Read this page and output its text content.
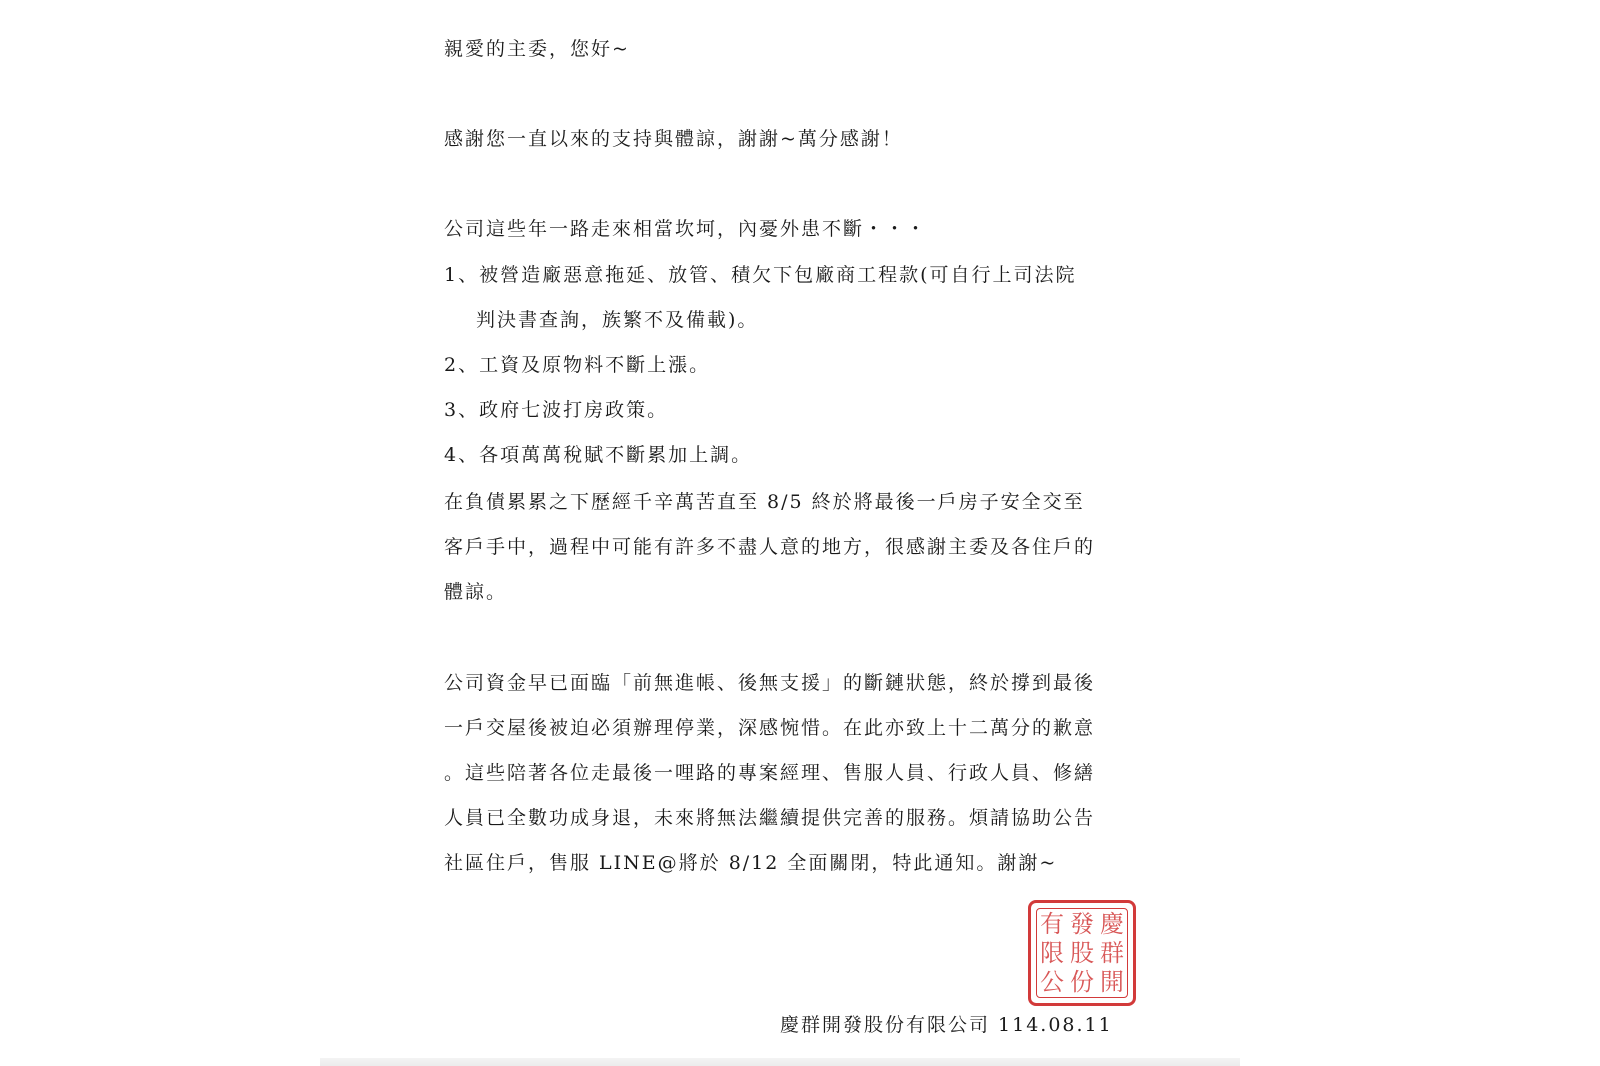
親愛的主委，您好~
感謝您一直以來的支持與體諒，謝謝~萬分感謝！
公司這些年一路走來相當坎坷，內憂外患不斷・・・
1、被營造廠惡意拖延、放管、積欠下包廠商工程款(可自行上司法院
判決書查詢，族繁不及備載)。
2、工資及原物料不斷上漲。
3、政府七波打房政策。
4、各項萬萬稅賦不斷累加上調。
在負債累累之下歷經千辛萬苦直至 8/5 終於將最後一戶房子安全交至
客戶手中，過程中可能有許多不盡人意的地方，很感謝主委及各住戶的
體諒。
公司資金早已面臨「前無進帳、後無支援」的斷鏈狀態，終於撐到最後
一戶交屋後被迫必須辦理停業，深感惋惜。在此亦致上十二萬分的歉意
。這些陪著各位走最後一哩路的專案經理、售服人員、行政人員、修繕
人員已全數功成身退，未來將無法繼續提供完善的服務。煩請協助公告
社區住戶，售服 LINE@將於 8/12 全面關閉，特此通知。謝謝~
慶
群
開
發
股
份
有
限
公
慶群開發股份有限公司 114.08.11
